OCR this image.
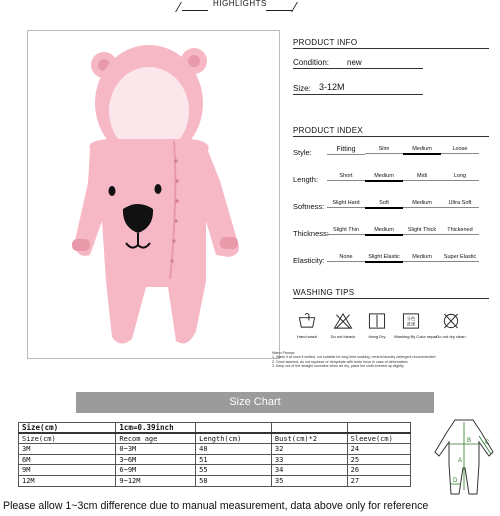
HIGHLIGHTS
PRODUCT INFO
Condition: new
Size: 3-12M
PRODUCT INDEX
Style:	Fitting	Slim	Medium	Loose
Length:	Short	Medium	Midi	Long
Softness:	Slight Hard	Soft	Medium	Ultra Soft
Thickness: Slight Thin	Medium	Slight Thick	Thickened
Elasticity:	None	Slight Elastic	Medium	Super Elastic
WASHING TIPS
Hand wash	Do not bleach	Hang Dry
分色
洗涤
Washing By Color separ Do not dry clean
Warm Prompt:
1. Wash it at once if wetted, not suitable for long time soaking, neutral laundry detergent recommended
2. Once washed, do not squeeze or dehydrate with brute force in case of deformation
3. Keep out of the straight sunshine when air dry, place the cloth evened up slightly
Size Chart
Size(cm)	1cm=0.39inch			
Size(cm)	Recom age	Length(cm)	Bust(cm)*2	Sleeve(cm)
3M	0~3M	48	32	24
6M	3~6M	51	33	25
9M	6~9M	55	34	26
12M	9~12M	58	35	27
A
B C
D
Please allow 1~3cm difference due to manual measurement, data above only for reference
